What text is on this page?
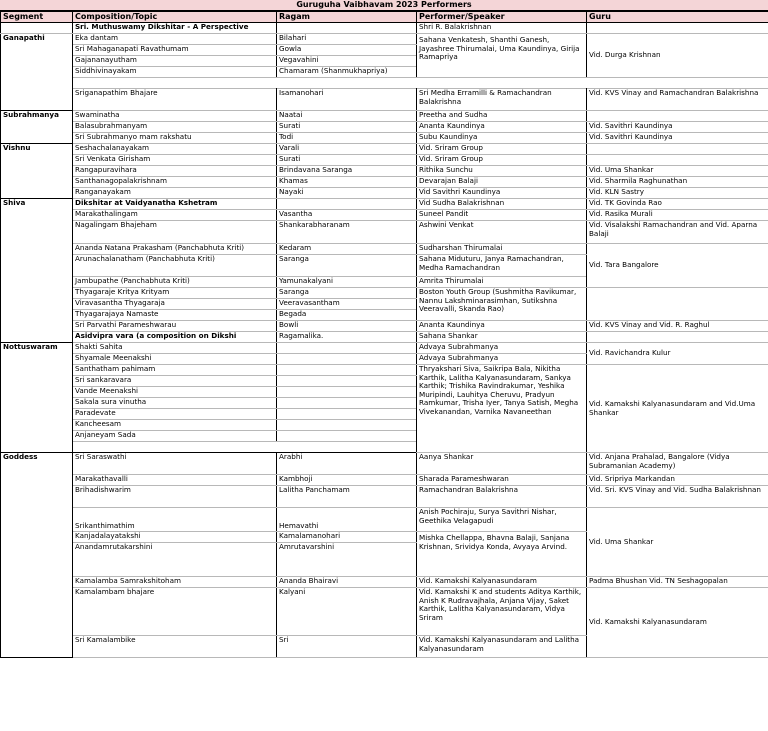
Guruguha Vaibhavam 2023 Performers
Segment	Composition/Topic	Ragam	Performer/Speaker	Guru
	Sri. Muthuswamy Dikshitar - A Perspective		Shri R. Balakrishnan	
Ganapathi	Eka dantam	Bilahari	Sahana Venkatesh, Shanthi Ganesh, Jayashree Thirumalai, Uma Kaundinya, Girija Ramapriya	Vid. Durga Krishnan
	Sri Mahaganapati Ravathumam	Gowla		
	Gajananayutham	Vegavahini		
	Siddhivinayakam	Chamaram (Shanmukhapriya)		

	Sriganapathim Bhajare	Isamanohari	Sri Medha Erramilli & Ramachandran Balakrishna	Vid. KVS Vinay and Ramachandran Balakrishna
Subrahmanya	Swaminatha	Naatai	Preetha and Sudha	
	Balasubrahmanyam	Surati	Ananta Kaundinya	Vid. Savithri Kaundinya
	Sri Subrahmanyo mam rakshatu	Todi	Subu Kaundinya	Vid. Savithri Kaundinya
Vishnu	Seshachalanayakam	Varali	Vid. Sriram Group	
	Sri Venkata Girisham	Surati	Vid. Sriram Group	
	Rangapuravihara	Brindavana Saranga	Rithika Sunchu	Vid. Uma Shankar
	Santhanagopalakrishnam	Khamas	Devarajan Balaji	Vid. Sharmila Raghunathan
	Ranganayakam	Nayaki	Vid Savithri Kaundinya	Vid. KLN Sastry
Shiva	Dikshitar at Vaidyanatha Kshetram		Vid Sudha Balakrishnan	Vid. TK Govinda Rao
	Marakathalingam	Vasantha	Suneel Pandit	Vid. Rasika Murali
	Nagalingam Bhajeham	Shankarabharanam	Ashwini Venkat	Vid. Visalakshi Ramachandran and Vid. Aparna Balaji
	Ananda Natana Prakasham (Panchabhuta Kriti)	Kedaram	Sudharshan Thirumalai	Vid. Tara Bangalore
	Arunachalanatham (Panchabhuta Kriti)	Saranga	Sahana Miduturu, Janya Ramachandran, Medha Ramachandran	
	Jambupathe (Panchabhuta Kriti)	Yamunakalyani	Amrita Thirumalai	
	Thyagaraje Kritya Krityam	Saranga	Boston Youth Group (Sushmitha Ravikumar, Nannu Lakshminarasimhan, Sutikshna Veeravalli, Skanda Rao)	
	Viravasantha Thyagaraja	Veeravasantham		
	Thyagarajaya Namaste	Begada		
	Sri Parvathi Parameshwarau	Bowli	Ananta Kaundinya	Vid. KVS Vinay and Vid. R. Raghul
	Asidvipra vara (a composition on Dikshi	Ragamalika.	Sahana Shankar	
Nottuswaram	Shakti Sahita		Advaya Subrahmanya	Vid. Ravichandra Kulur
	Shyamale Meenakshi		Advaya Subrahmanya	
	Santhatham pahimam		Thryakshari Siva, Saikripa Bala, Nikitha Karthik, Lalitha Kalyanasundaram, Sankya Karthik; Trishika Ravindrakumar, Yeshika Muripindi, Lauhitya Cheruvu, Pradyun Ramkumar, Trisha Iyer, Tanya Satish, Megha Vivekanandan, Varnika Navaneethan	Vid. Kamakshi Kalyanasundaram and Vid.Uma Shankar
	Sri sankaravara			
	Vande Meenakshi			
	Sakala sura vinutha			
	Paradevate			
	Kancheesam			
	Anjaneyam Sada			

Goddess	Sri Saraswathi	Arabhi	Aanya Shankar	Vid. Anjana Prahalad, Bangalore (Vidya Subramanian Academy)
	Marakathavalli	Kambhoji	Sharada Parameshwaran	Vid. Sripriya Markandan
	Brihadishwarim	Lalitha Panchamam	Ramachandran Balakrishna	Vid. Sri. KVS Vinay and Vid. Sudha Balakrishnan
	Srikanthimathim	Hemavathi	Anish Pochiraju, Surya Savithri Nishar, Geethika Velagapudi	Vid. Uma Shankar
	Kanjadalayatakshi	Kamalamanohari	Mishka Chellappa, Bhavna Balaji, Sanjana Krishnan, Srividya Konda, Avyaya Arvind.	
	Anandamrutakarshini	Amrutavarshini		
	Kamalamba Samrakshitoham	Ananda Bhairavi	Vid. Kamakshi Kalyanasundaram	Padma Bhushan Vid. TN Seshagopalan
	Kamalambam bhajare	Kalyani	Vid. Kamakshi K and students Aditya Karthik, Anish K Rudravajhala, Anjana Vijay, Saket Karthik, Lalitha Kalyanasundaram, Vidya Sriram	Vid. Kamakshi Kalyanasundaram
	Sri Kamalambike	Sri	Vid. Kamakshi Kalyanasundaram and Lalitha Kalyanasundaram	
